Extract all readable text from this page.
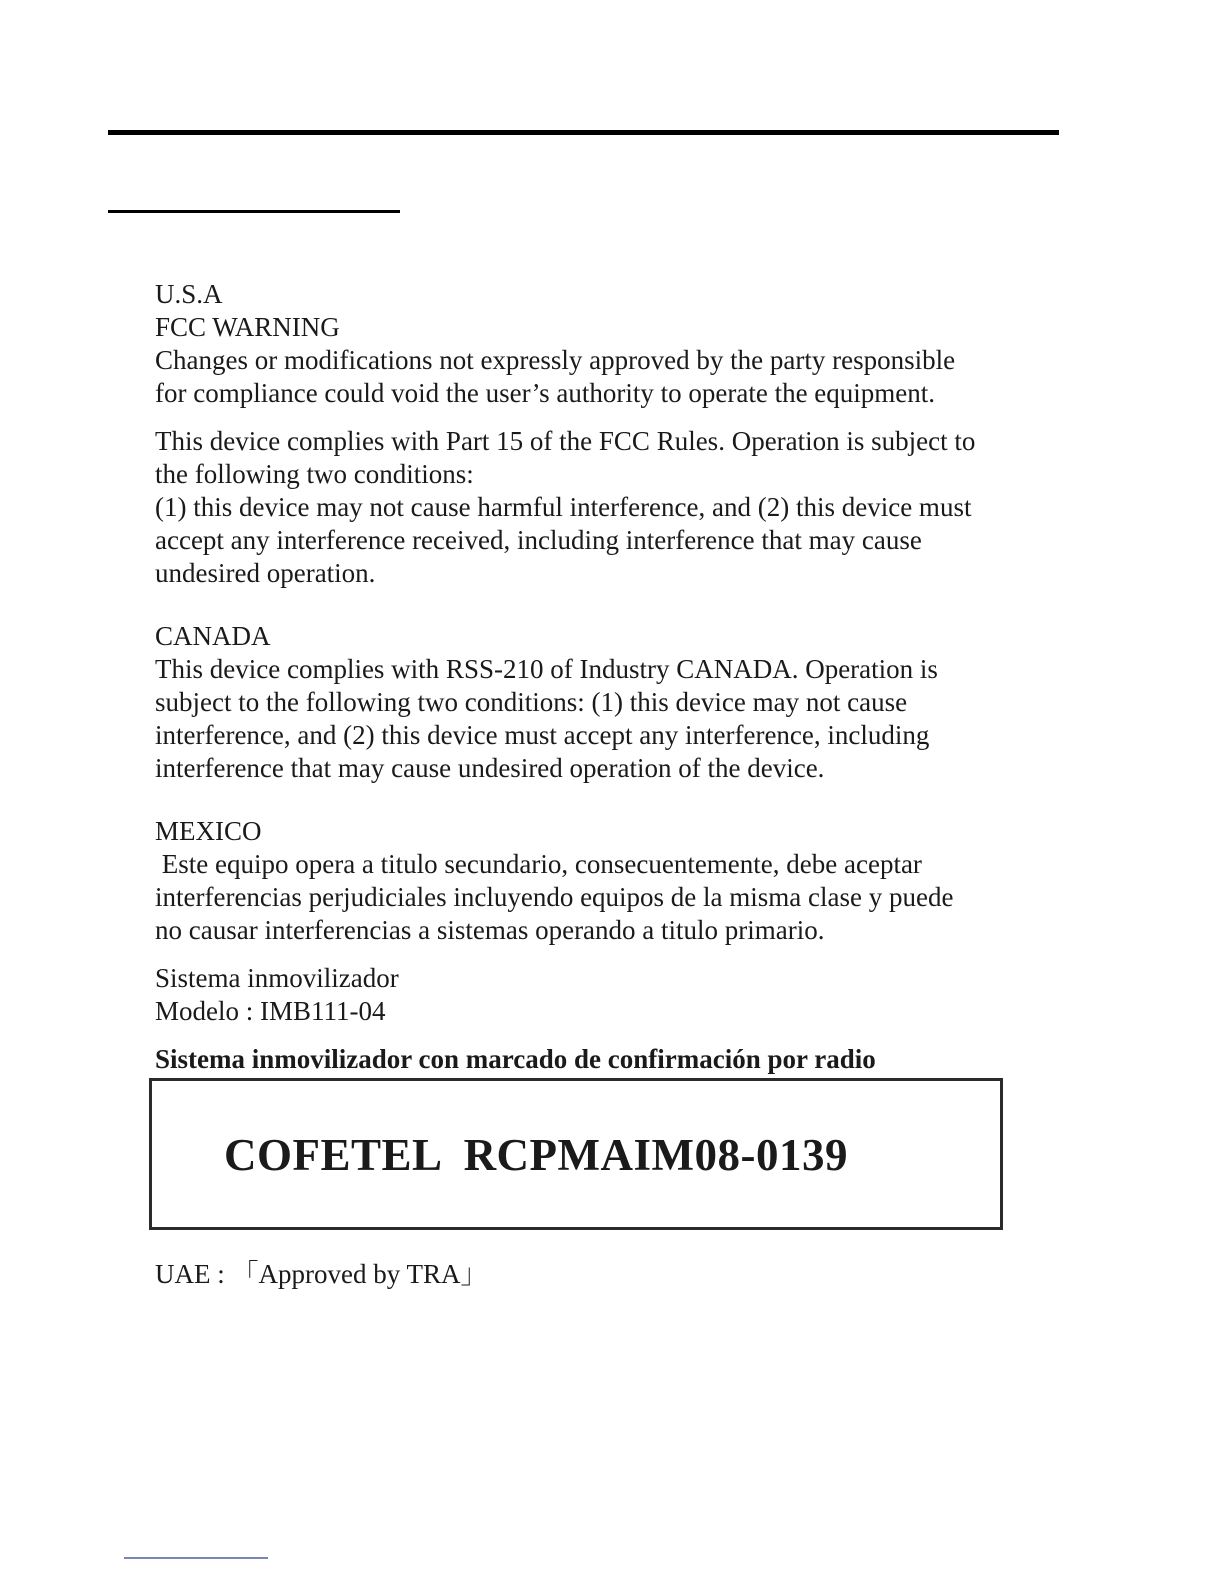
U.S.A
FCC WARNING
Changes or modifications not expressly approved by the party responsible
for compliance could void the user’s authority to operate the equipment.
This device complies with Part 15 of the FCC Rules. Operation is subject to
the following two conditions:
(1) this device may not cause harmful interference, and (2) this device must
accept any interference received, including interference that may cause
undesired operation.
CANADA
This device complies with RSS-210 of Industry CANADA. Operation is
subject to the following two conditions: (1) this device may not cause
interference, and (2) this device must accept any interference, including
interference that may cause undesired operation of the device.
MEXICO
Este equipo opera a titulo secundario, consecuentemente, debe aceptar
interferencias perjudiciales incluyendo equipos de la misma clase y puede
no causar interferencias a sistemas operando a titulo primario.
Sistema inmovilizador
Modelo : IMB111-04
Sistema inmovilizador con marcado de confirmación por radio
COFETEL  RCPMAIM08-0139
UAE : 「Approved by TRA」
